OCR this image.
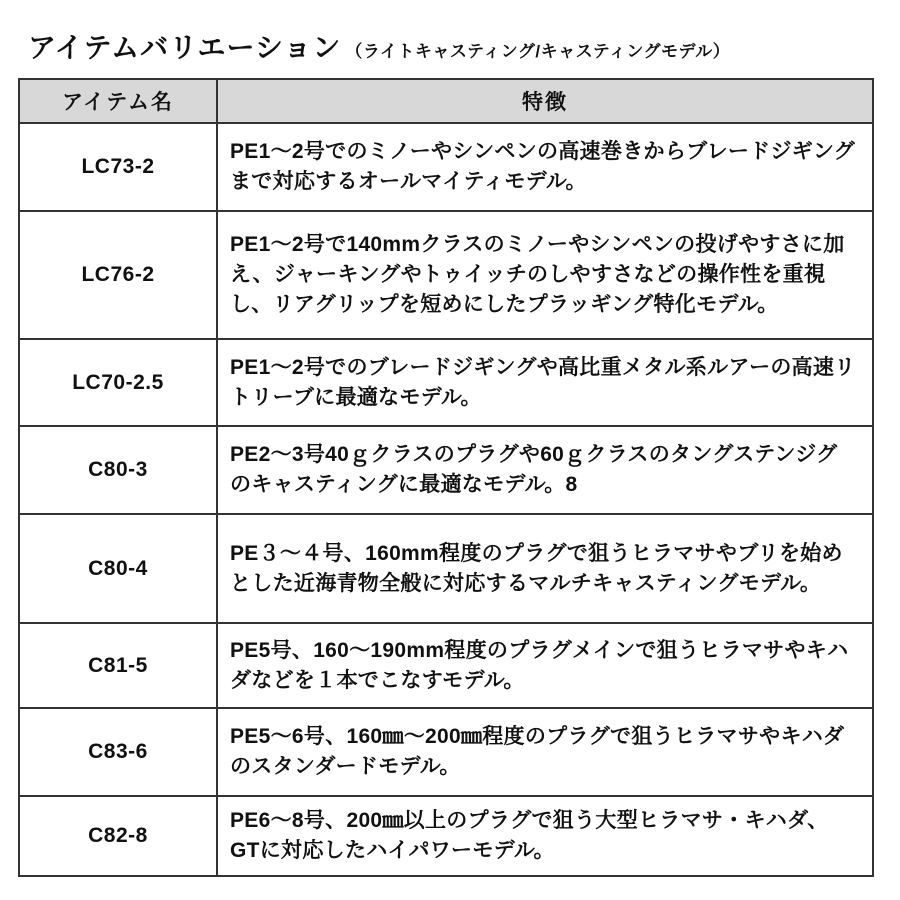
アイテムバリエーション （ライトキャスティング/キャスティングモデル）
アイテム名	特徴
LC73-2	PE1〜2号でのミノーやシンペンの高速巻きからブレードジギングまで対応するオールマイティモデル。
LC76-2	PE1〜2号で140mmクラスのミノーやシンペンの投げやすさに加え、ジャーキングやトゥイッチのしやすさなどの操作性を重視し、リアグリップを短めにしたプラッギング特化モデル。
LC70-2.5	PE1〜2号でのブレードジギングや高比重メタル系ルアーの高速リトリーブに最適なモデル。
C80-3	PE2〜3号40ｇクラスのプラグや60ｇクラスのタングステンジグのキャスティングに最適なモデル。8
C80-4	PE３〜４号、160mm程度のプラグで狙うヒラマサやブリを始めとした近海青物全般に対応するマルチキャスティングモデル。
C81-5	PE5号、160〜190mm程度のプラグメインで狙うヒラマサやキハダなどを１本でこなすモデル。
C83-6	PE5〜6号、160㎜〜200㎜程度のプラグで狙うヒラマサやキハダのスタンダードモデル。
C82-8	PE6〜8号、200㎜以上のプラグで狙う大型ヒラマサ・キハダ、GTに対応したハイパワーモデル。
